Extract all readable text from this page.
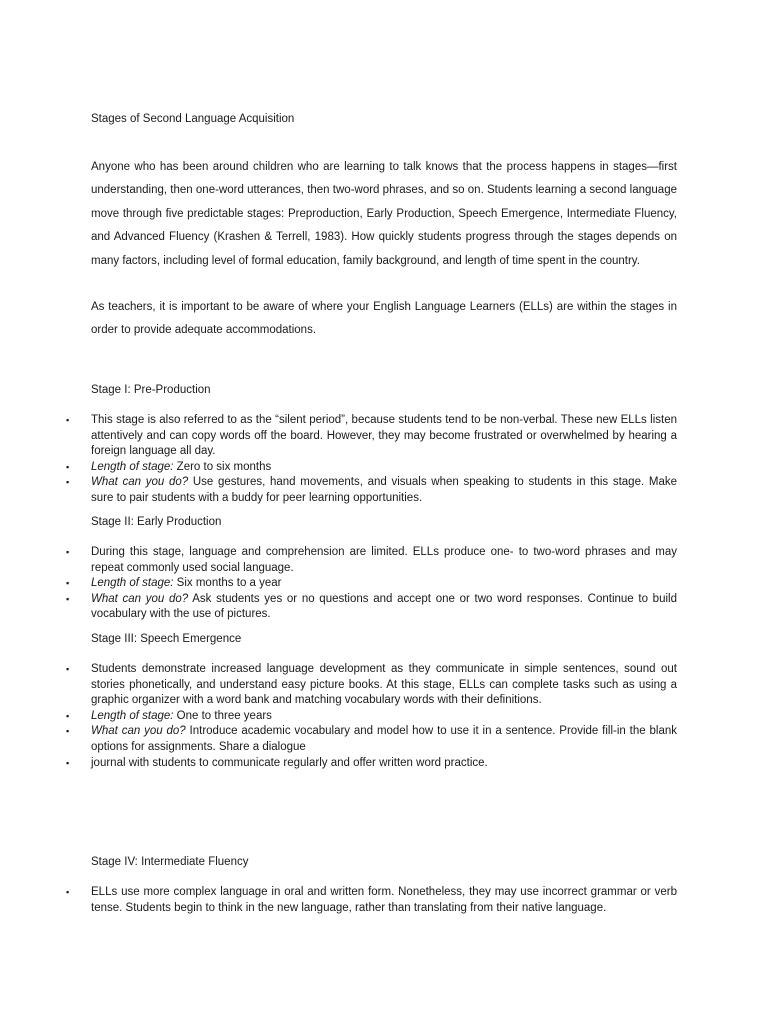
Stages of Second Language Acquisition

Anyone who has been around children who are learning to talk knows that the process happens in stages—first understanding, then one-word utterances, then two-word phrases, and so on. Students learning a second language move through five predictable stages: Preproduction, Early Production, Speech Emergence, Intermediate Fluency, and Advanced Fluency (Krashen & Terrell, 1983). How quickly students progress through the stages depends on many factors, including level of formal education, family background, and length of time spent in the country.

As teachers, it is important to be aware of where your English Language Learners (ELLs) are within the stages in order to provide adequate accommodations.

Stage I: Pre-Production

▪	This stage is also referred to as the “silent period”, because students tend to be non-verbal. These new ELLs listen attentively and can copy words off the board. However, they may become frustrated or overwhelmed by hearing a foreign language all day.
▪	Length of stage: Zero to six months
▪	What can you do? Use gestures, hand movements, and visuals when speaking to students in this stage. Make sure to pair students with a buddy for peer learning opportunities.

Stage II: Early Production

▪	During this stage, language and comprehension are limited. ELLs produce one- to two-word phrases and may repeat commonly used social language.
▪	Length of stage: Six months to a year
▪	What can you do? Ask students yes or no questions and accept one or two word responses. Continue to build vocabulary with the use of pictures.

Stage III: Speech Emergence

▪	Students demonstrate increased language development as they communicate in simple sentences, sound out stories phonetically, and understand easy picture books. At this stage, ELLs can complete tasks such as using a graphic organizer with a word bank and matching vocabulary words with their definitions.
▪	Length of stage: One to three years
▪	What can you do? Introduce academic vocabulary and model how to use it in a sentence. Provide fill-in the blank options for assignments. Share a dialogue
▪	journal with students to communicate regularly and offer written word practice.

Stage IV: Intermediate Fluency

▪	ELLs use more complex language in oral and written form. Nonetheless, they may use incorrect grammar or verb tense. Students begin to think in the new language, rather than translating from their native language.
